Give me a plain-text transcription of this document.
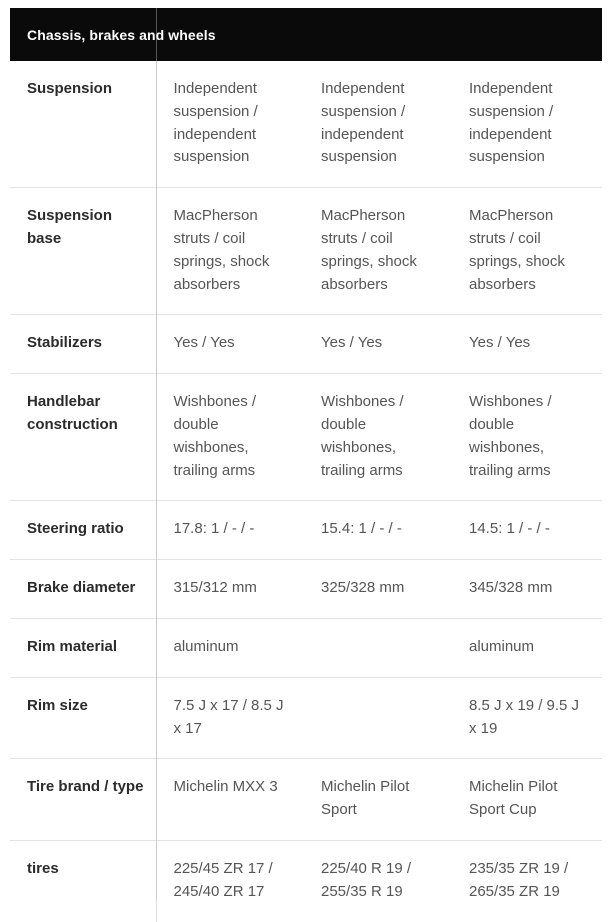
Chassis, brakes and wheels			
Suspension	Independent suspension / independent suspension	Independent suspension / independent suspension	Independent suspension / independent suspension
Suspension base	MacPherson struts / coil springs, shock absorbers	MacPherson struts / coil springs, shock absorbers	MacPherson struts / coil springs, shock absorbers
Stabilizers	Yes / Yes	Yes / Yes	Yes / Yes
Handlebar construction	Wishbones / double wishbones, trailing arms	Wishbones / double wishbones, trailing arms	Wishbones / double wishbones, trailing arms
Steering ratio	17.8: 1 / - / -	15.4: 1 / - / -	14.5: 1 / - / -
Brake diameter	315/312 mm	325/328 mm	345/328 mm
Rim material	aluminum		aluminum
Rim size	7.5 J x 17 / 8.5 J x 17		8.5 J x 19 / 9.5 J x 19
Tire brand / type	Michelin MXX 3	Michelin Pilot Sport	Michelin Pilot Sport Cup
tires	225/45 ZR 17 / 245/40 ZR 17	225/40 R 19 / 255/35 R 19	235/35 ZR 19 / 265/35 ZR 19
